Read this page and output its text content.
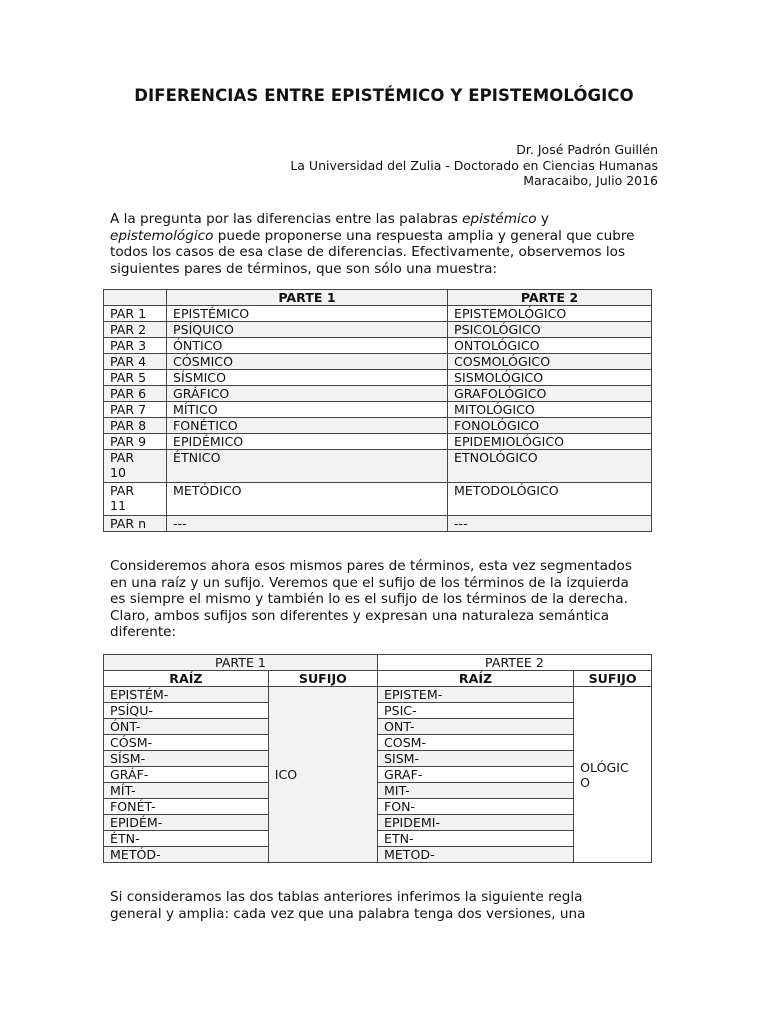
DIFERENCIAS ENTRE EPISTÉMICO Y EPISTEMOLÓGICO
Dr. José Padrón Guillén
La Universidad del Zulia - Doctorado en Ciencias Humanas
Maracaibo, Julio 2016
A la pregunta por las diferencias entre las palabras epistémico y
epistemológico puede proponerse una respuesta amplia y general que cubre
todos los casos de esa clase de diferencias. Efectivamente, observemos los
siguientes pares de términos, que son sólo una muestra:
	PARTE 1	PARTE 2
PAR 1	EPISTÉMICO	EPISTEMOLÓGICO
PAR 2	PSÍQUICO	PSICOLÓGICO
PAR 3	ÓNTICO	ONTOLÓGICO
PAR 4	CÓSMICO	COSMOLÓGICO
PAR 5	SÍSMICO	SISMOLÓGICO
PAR 6	GRÁFICO	GRAFOLÓGICO
PAR 7	MÍTICO	MITOLÓGICO
PAR 8	FONÉTICO	FONOLÓGICO
PAR 9	EPIDÉMICO	EPIDEMIOLÓGICO
PAR
10	ÉTNICO	ETNOLÓGICO
PAR
11	METÓDICO	METODOLÓGICO
PAR n	---	---
Consideremos ahora esos mismos pares de términos, esta vez segmentados
en una raíz y un sufijo. Veremos que el sufijo de los términos de la izquierda
es siempre el mismo y también lo es el sufijo de los términos de la derecha.
Claro, ambos sufijos son diferentes y expresan una naturaleza semántica
diferente:
PARTE 1		PARTEE 2	
RAÍZ	SUFIJO	RAÍZ	SUFIJO
EPISTÉM-	ICO	EPISTEM-	OLÓGIC
O
PSÍQU-		PSIC-	
ÓNT-		ONT-	
CÓSM-		COSM-	
SÍSM-		SISM-	
GRÁF-		GRAF-	
MÍT-		MIT-	
FONÉT-		FON-	
EPIDÉM-		EPIDEMI-	
ÉTN-		ETN-	
METÓD-		METOD-	
Si consideramos las dos tablas anteriores inferimos la siguiente regla
general y amplia: cada vez que una palabra tenga dos versiones, una
